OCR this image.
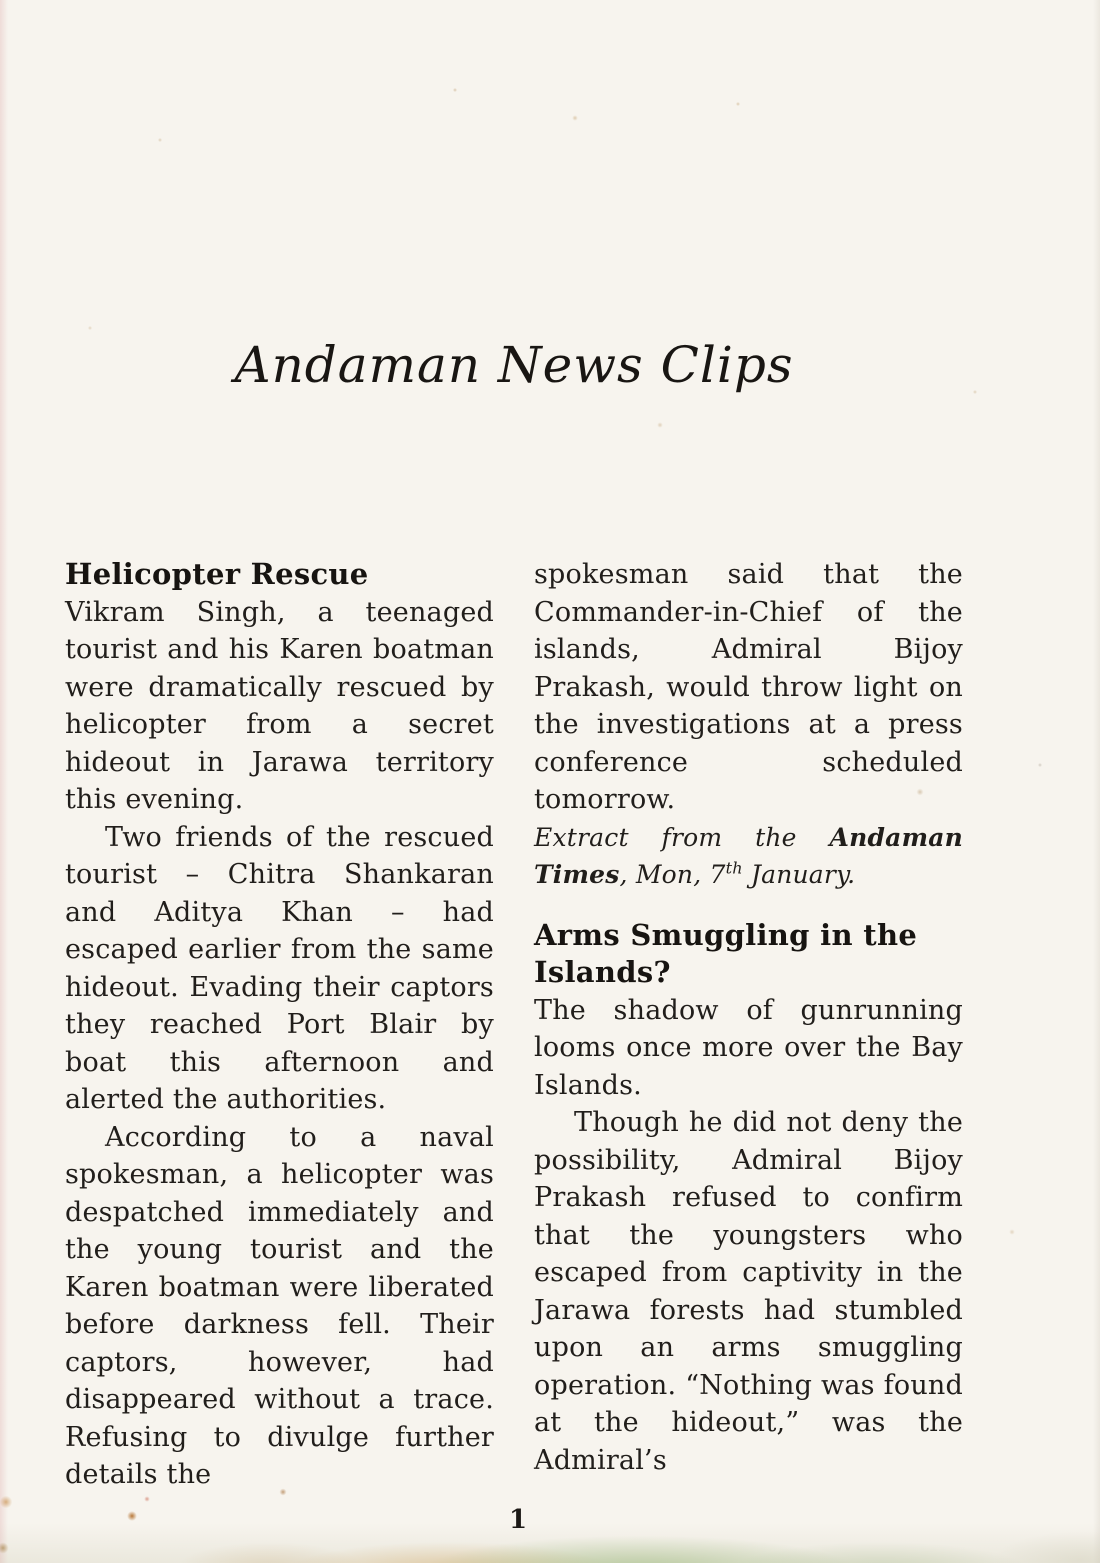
Andaman News Clips
Helicopter Rescue

Vikram Singh, a teenaged tourist and his Karen boatman were dramatically rescued by helicopter from a secret hideout in Jarawa territory this evening.

Two friends of the rescued tourist – Chitra Shankaran and Aditya Khan – had escaped earlier from the same hideout. Evading their captors they reached Port Blair by boat this afternoon and alerted the authorities.

According to a naval spokesman, a helicopter was despatched immediately and the young tourist and the Karen boatman were liberated before darkness fell. Their captors, however, had disappeared without a trace. Refusing to divulge further details the

spokesman said that the Commander-in-Chief of the islands, Admiral Bijoy Prakash, would throw light on the investigations at a press conference scheduled tomorrow.

Extract from the Andaman Times, Mon, 7th January.

Arms Smuggling in the Islands?

The shadow of gunrunning looms once more over the Bay Islands.

Though he did not deny the possibility, Admiral Bijoy Prakash refused to confirm that the youngsters who escaped from captivity in the Jarawa forests had stumbled upon an arms smuggling operation. “Nothing was found at the hideout,” was the Admiral’s

1
